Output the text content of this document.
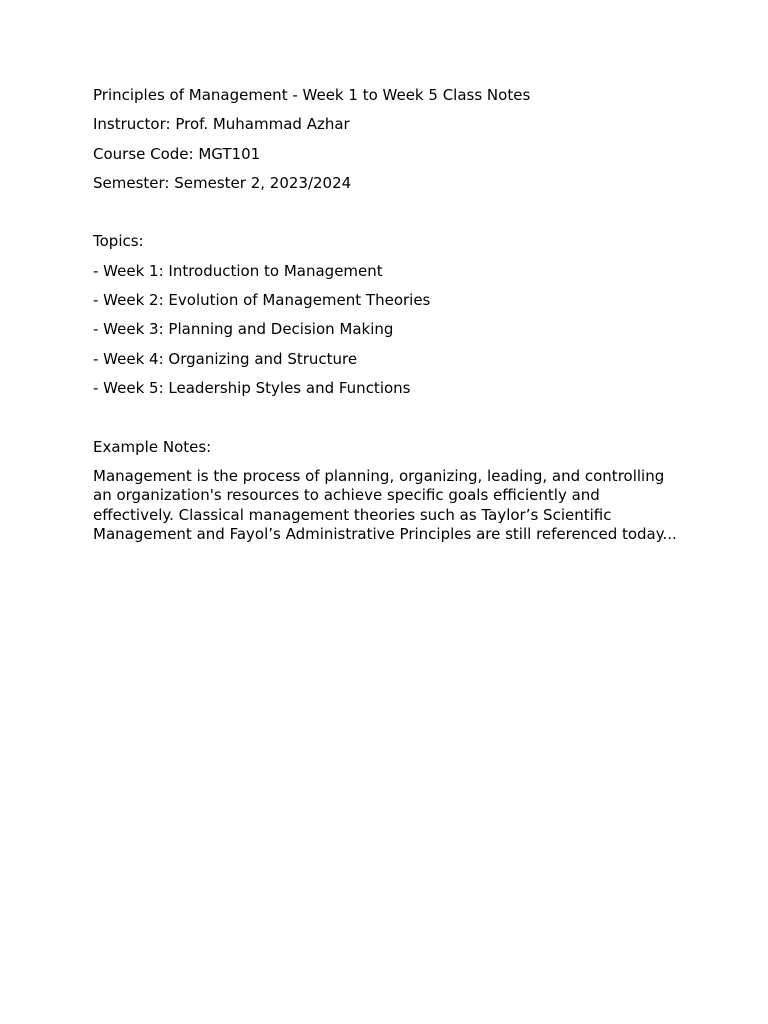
Principles of Management - Week 1 to Week 5 Class Notes
Instructor: Prof. Muhammad Azhar
Course Code: MGT101
Semester: Semester 2, 2023/2024
Topics:
- Week 1: Introduction to Management
- Week 2: Evolution of Management Theories
- Week 3: Planning and Decision Making
- Week 4: Organizing and Structure
- Week 5: Leadership Styles and Functions
Example Notes:

Management is the process of planning, organizing, leading, and controlling an organization's resources to achieve specific goals efficiently and effectively. Classical management theories such as Taylor’s Scientific Management and Fayol’s Administrative Principles are still referenced today...
